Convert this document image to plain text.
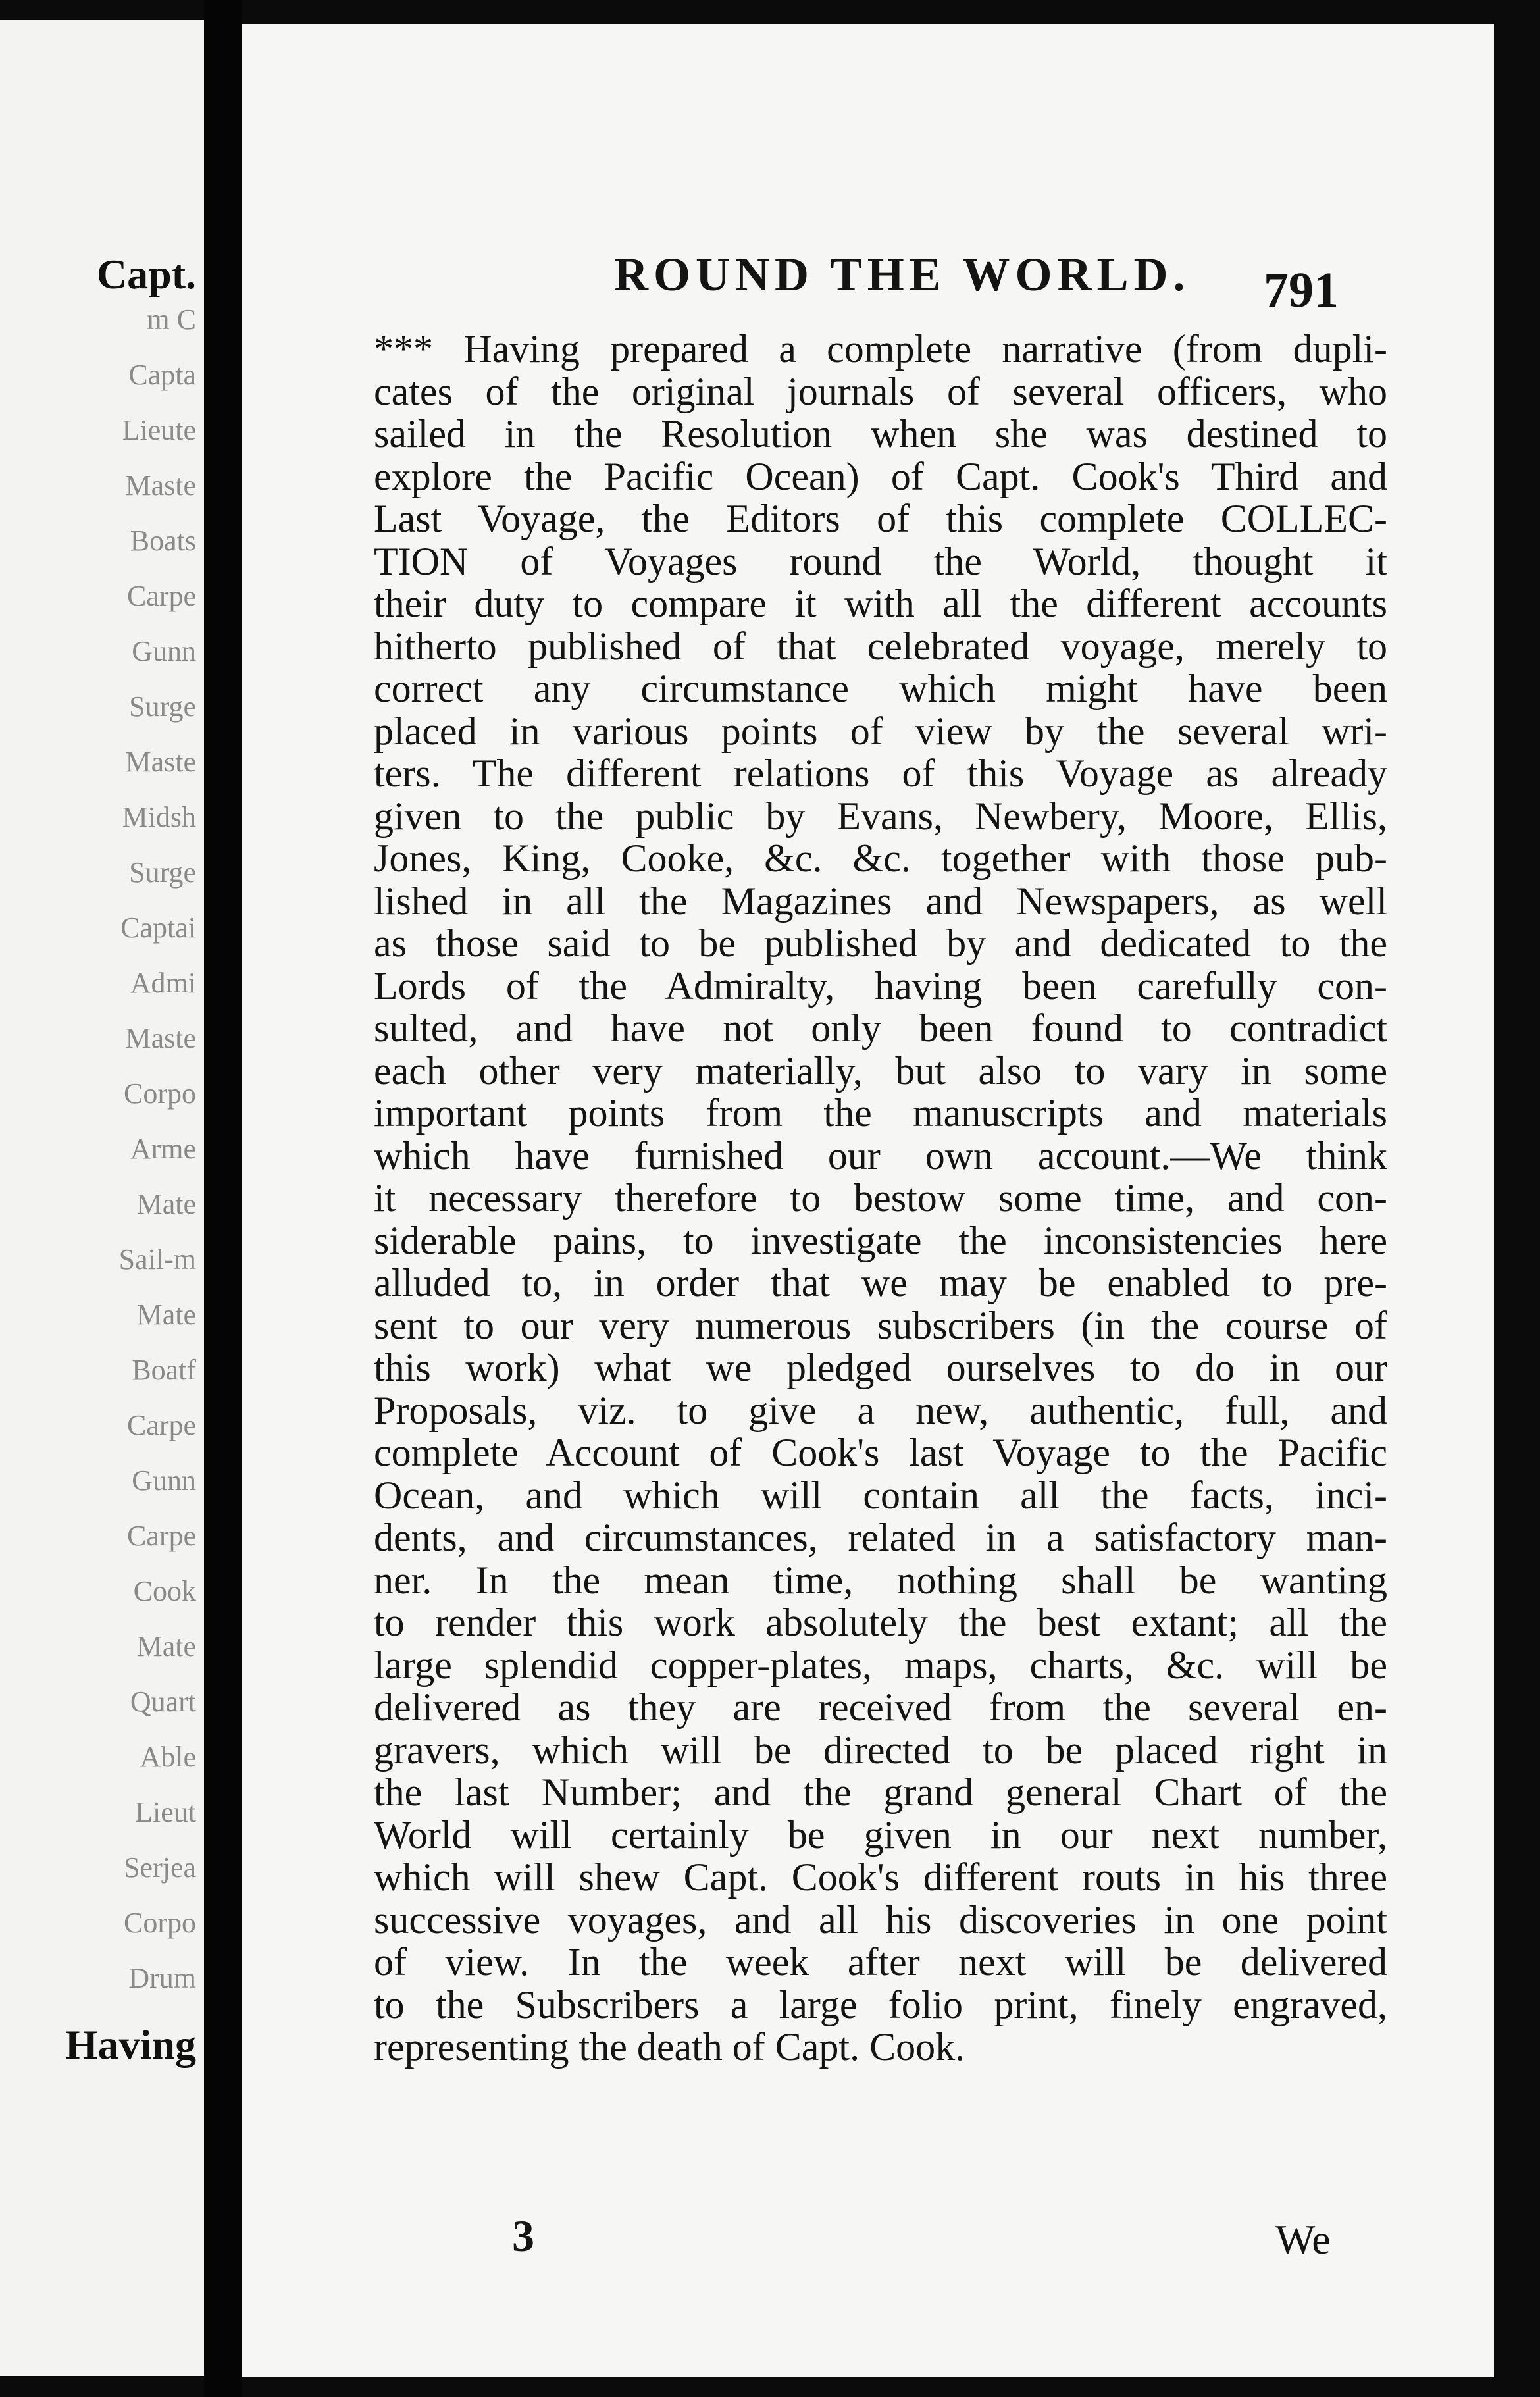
Capt.
m C
Capta
Lieute
Maste
Boats
Carpe
Gunn
Surge
Maste
Midsh
Surge
Captai
Admi
Maste
Corpo
Arme
Mate
Sail-m
Mate
Boatf
Carpe
Gunn
Carpe
Cook
Mate
Quart
Able
Lieut
Serjea
Corpo
Drum
Having
ROUND THE WORLD.	791
*** Having prepared a complete narrative (from dupli-
cates of the original journals of several officers, who
sailed in the Resolution when she was destined to
explore the Pacific Ocean) of Capt. Cook's Third and
Last Voyage, the Editors of this complete COLLEC-
TION of Voyages round the World, thought it
their duty to compare it with all the different accounts
hitherto published of that celebrated voyage, merely to
correct any circumstance which might have been
placed in various points of view by the several wri-
ters. The different relations of this Voyage as already
given to the public by Evans, Newbery, Moore, Ellis,
Jones, King, Cooke, &c. &c. together with those pub-
lished in all the Magazines and Newspapers, as well
as those said to be published by and dedicated to the
Lords of the Admiralty, having been carefully con-
sulted, and have not only been found to contradict
each other very materially, but also to vary in some
important points from the manuscripts and materials
which have furnished our own account.—We think
it necessary therefore to bestow some time, and con-
siderable pains, to investigate the inconsistencies here
alluded to, in order that we may be enabled to pre-
sent to our very numerous subscribers (in the course of
this work) what we pledged ourselves to do in our
Proposals, viz. to give a new, authentic, full, and
complete Account of Cook's last Voyage to the Pacific
Ocean, and which will contain all the facts, inci-
dents, and circumstances, related in a satisfactory man-
ner. In the mean time, nothing shall be wanting
to render this work absolutely the best extant; all the
large splendid copper-plates, maps, charts, &c. will be
delivered as they are received from the several en-
gravers, which will be directed to be placed right in
the last Number; and the grand general Chart of the
World will certainly be given in our next number,
which will shew Capt. Cook's different routs in his three
successive voyages, and all his discoveries in one point
of view. In the week after next will be delivered
to the Subscribers a large folio print, finely engraved,
representing the death of Capt. Cook.
3	We
